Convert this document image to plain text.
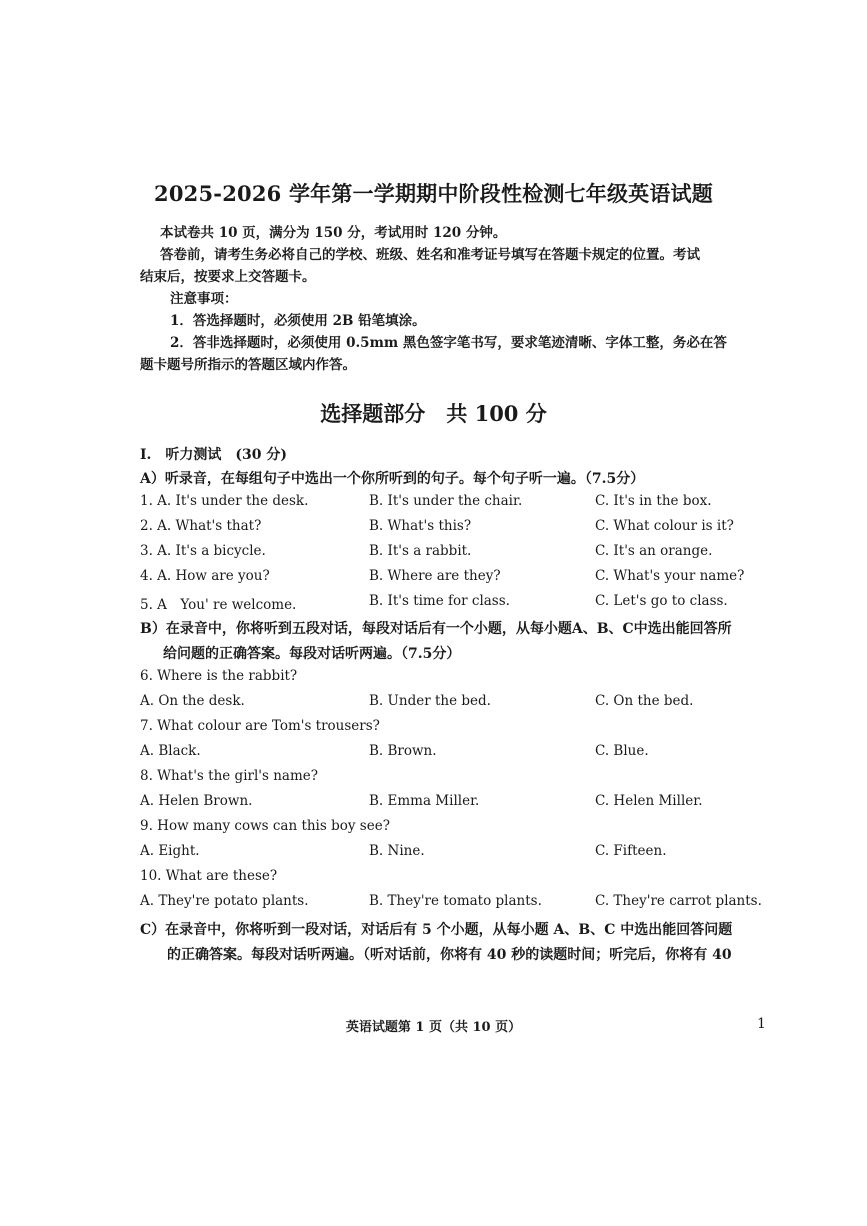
2025-2026 学年第一学期期中阶段性检测七年级英语试题
本试卷共 10 页，满分为 150 分，考试用时 120 分钟。
答卷前，请考生务必将自己的学校、班级、姓名和准考证号填写在答题卡规定的位置。考试
结束后，按要求上交答题卡。
注意事项：
1．答选择题时，必须使用 2B 铅笔填涂。
2．答非选择题时，必须使用 0.5mm 黑色签字笔书写，要求笔迹清晰、字体工整，务必在答
题卡题号所指示的答题区域内作答。
选择题部分　共 100 分
I.　听力测试　(30 分)
A）听录音，在每组句子中选出一个你所听到的句子。每个句子听一遍。（7.5分）
1. A. It's under the desk.	B. It's under the chair.	C. It's in the box.
2. A. What's that?	B. What's this?	C. What colour is it?
3. A. It's a bicycle.	B. It's a rabbit.	C. It's an orange.
4. A. How are you?	B. Where are they?	C. What's your name?
5. A　You' re welcome.	B. It's time for class.	C. Let's go to class.
B）在录音中，你将听到五段对话，每段对话后有一个小题，从每小题A、B、C中选出能回答所
给问题的正确答案。每段对话听两遍。（7.5分）
6. Where is the rabbit?
A. On the desk.	B. Under the bed.	C. On the bed.
7. What colour are Tom's trousers?
A. Black.	B. Brown.	C. Blue.
8. What's the girl's name?
A. Helen Brown.	B. Emma Miller.	C. Helen Miller.
9. How many cows can this boy see?
A. Eight.	B. Nine.	C. Fifteen.
10. What are these?
A. They're potato plants.	B. They're tomato plants.	C. They're carrot plants.
C）在录音中，你将听到一段对话，对话后有 5 个小题，从每小题 A、B、C 中选出能回答问题
的正确答案。每段对话听两遍。（听对话前，你将有 40 秒的读题时间；听完后，你将有 40
英语试题第 1 页（共 10 页）	1
